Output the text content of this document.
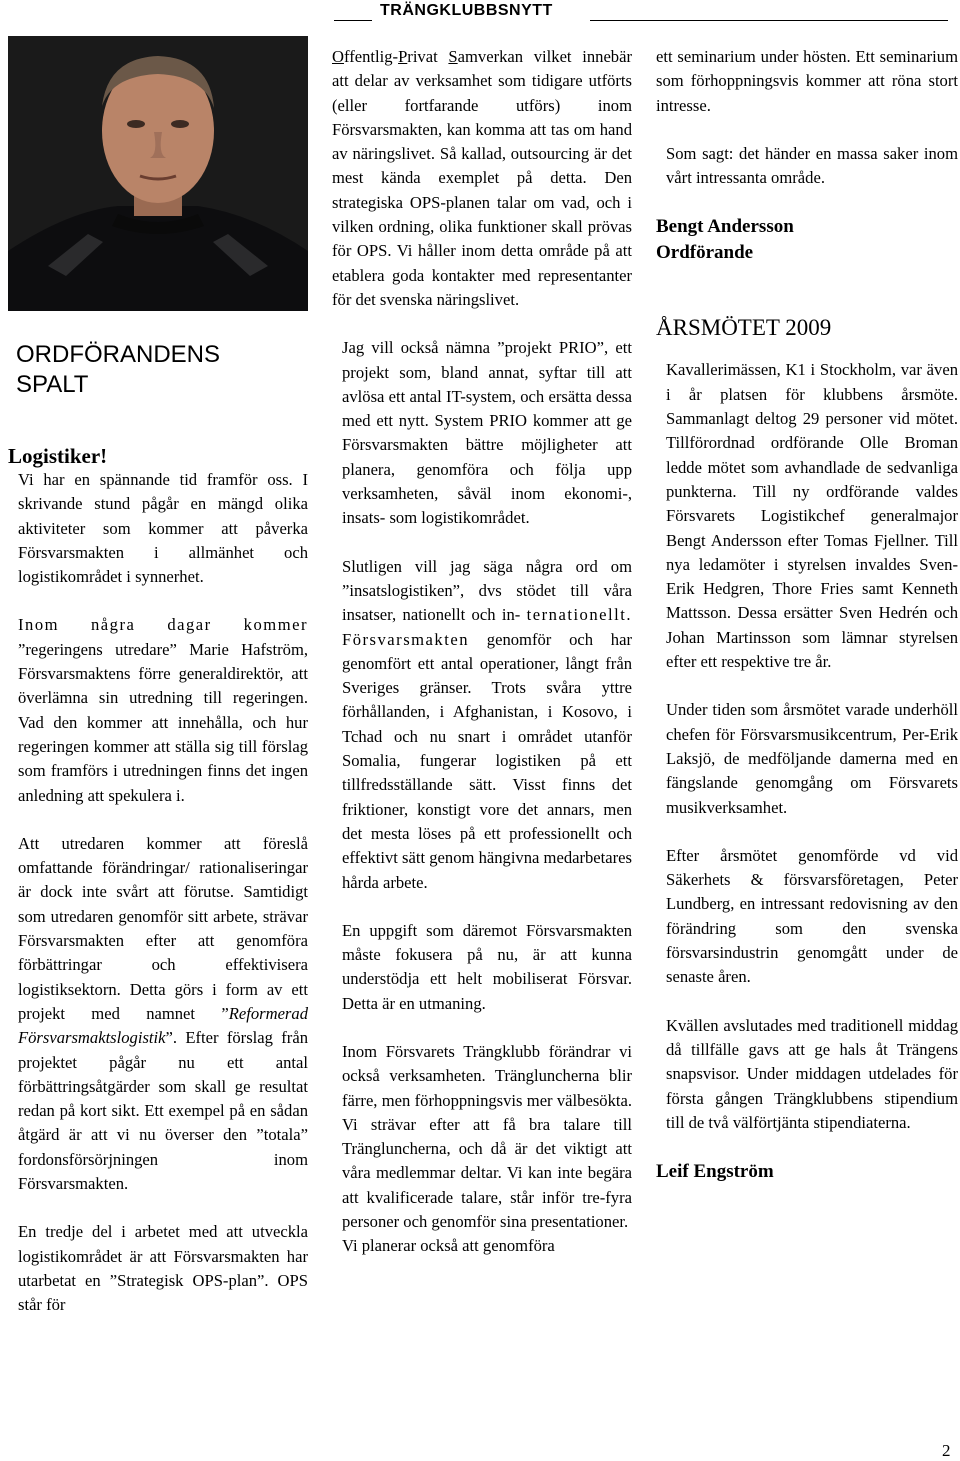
TRÄNGKLUBBSNYTT
ORDFÖRANDENS
SPALT
Logistiker!

Vi har en spännande tid framför oss. I skrivande stund pågår en mängd olika aktiviteter som kommer att påverka Försvarsmakten i allmänhet och logistikområdet i synnerhet.

Inom några dagar kommer ”regeringens utredare” Marie Hafström, Försvarsmaktens förre generaldirektör, att överlämna sin utredning till regeringen. Vad den kommer att innehålla, och hur regeringen kommer att ställa sig till förslag som framförs i utredningen finns det ingen anledning att spekulera i.

Att utredaren kommer att föreslå omfattande förändringar/ rationaliseringar är dock inte svårt att förutse. Samtidigt som utredaren genomför sitt arbete, strävar Försvarsmakten efter att genomföra förbättringar och effektivisera logistiksektorn. Detta görs i form av ett projekt med namnet ”Reformerad Försvarsmaktslogistik”. Efter förslag från projektet pågår nu ett antal förbättringsåtgärder som skall ge resultat redan på kort sikt. Ett exempel på en sådan åtgärd är att vi nu överser den ”totala” fordonsförsörjningen inom Försvarsmakten.

En tredje del i arbetet med att utveckla logistikområdet är att Försvarsmakten har utarbetat en ”Strategisk OPS-plan”. OPS står för

Offentlig-Privat Samverkan vilket innebär att delar av verksamhet som tidigare utförts (eller fortfarande utförs) inom Försvarsmakten, kan komma att tas om hand av näringslivet. Så kallad, outsourcing är det mest kända exemplet på detta. Den strategiska OPS-planen talar om vad, och i vilken ordning, olika funktioner skall prövas för OPS. Vi håller inom detta område på att etablera goda kontakter med representanter för det svenska näringslivet.

Jag vill också nämna ”projekt PRIO”, ett projekt som, bland annat, syftar till att avlösa ett antal IT-system, och ersätta dessa med ett nytt. System PRIO kommer att ge Försvarsmakten bättre möjligheter att planera, genomföra och följa upp verksamheten, såväl inom ekonomi-, insats- som logistikområdet.

Slutligen vill jag säga några ord om ”insatslogistiken”, dvs stödet till våra insatser, nationellt och in- ternationellt. Försvarsmakten genomför och har genomfört ett antal operationer, långt från Sveriges gränser. Trots svåra yttre förhållanden, i Afghanistan, i Kosovo, i Tchad och nu snart i området utanför Somalia, fungerar logistiken på ett tillfredsställande sätt. Visst finns det friktioner, konstigt vore det annars, men det mesta löses på ett professionellt och effektivt sätt genom hängivna medarbetares hårda arbete.

En uppgift som däremot Försvarsmakten måste fokusera på nu, är att kunna understödja ett helt mobiliserat Försvar. Detta är en utmaning.

Inom Försvarets Trängklubb förändrar vi också verksamheten. Trängluncherna blir färre, men förhoppningsvis mer välbesökta. Vi strävar efter att få bra talare till Trängluncherna, och då är det viktigt att våra medlemmar deltar. Vi kan inte begära att kvalificerade talare, står inför tre-fyra personer och genomför sina presentationer.

Vi planerar också att genomföra

ett seminarium under hösten. Ett seminarium som förhoppningsvis kommer att röna stort intresse.

Som sagt: det händer en massa saker inom vårt intressanta område.

Bengt Andersson
Ordförande
ÅRSMÖTET 2009

Kavallerimässen, K1 i Stockholm, var även i år platsen för klubbens årsmöte. Sammanlagt deltog 29 personer vid mötet. Tillförordnad ordförande Olle Broman ledde mötet som avhandlade de sedvanliga punkterna. Till ny ordförande valdes Försvarets Logistikchef generalmajor Bengt Andersson efter Tomas Fjellner. Till nya ledamöter i styrelsen invaldes Sven-Erik Hedgren, Thore Fries samt Kenneth Mattsson. Dessa ersätter Sven Hedrén och Johan Martinsson som lämnar styrelsen efter ett respektive tre år.

Under tiden som årsmötet varade underhöll chefen för Försvarsmusikcentrum, Per-Erik Laksjö, de medföljande damerna med en fängslande genomgång om Försvarets musikverksamhet.

Efter årsmötet genomförde vd vid Säkerhets & försvarsföretagen, Peter Lundberg, en intressant redovisning av den förändring som den svenska försvarsindustrin genomgått under de senaste åren.

Kvällen avslutades med traditionell middag då tillfälle gavs att ge hals åt Trängens snapsvisor. Under middagen utdelades för första gången Trängklubbens stipendium till de två välförtjänta stipendiaterna.

Leif Engström
2
